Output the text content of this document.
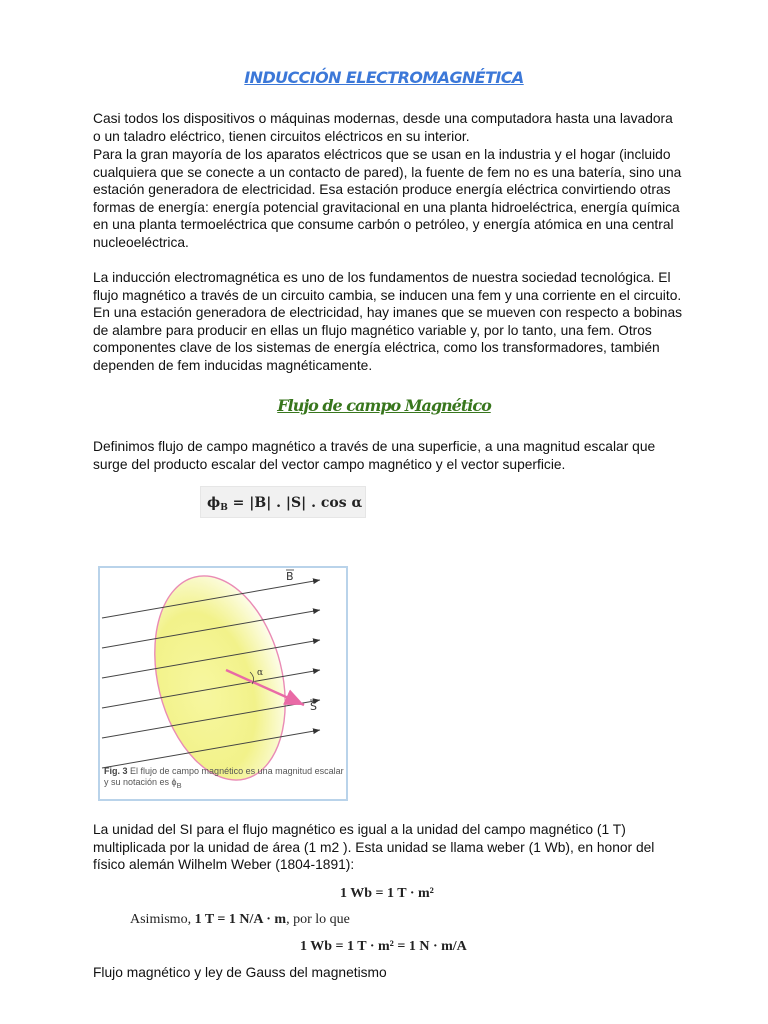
INDUCCIÓN ELECTROMAGNÉTICA

Casi todos los dispositivos o máquinas modernas, desde una computadora hasta una lavadora o un taladro eléctrico, tienen circuitos eléctricos en su interior.

Para la gran mayoría de los aparatos eléctricos que se usan en la industria y el hogar (incluido cualquiera que se conecte a un contacto de pared), la fuente de fem no es una batería, sino una estación generadora de electricidad. Esa estación produce energía eléctrica convirtiendo otras formas de energía: energía potencial gravitacional en una planta hidroeléctrica, energía química en una planta termoeléctrica que consume carbón o petróleo, y energía atómica en una central nucleoeléctrica.

La inducción electromagnética es uno de los fundamentos de nuestra sociedad tecnológica. El flujo magnético a través de un circuito cambia, se inducen una fem y una corriente en el circuito. En una estación generadora de electricidad, hay imanes que se mueven con respecto a bobinas de alambre para producir en ellas un flujo magnético variable y, por lo tanto, una fem. Otros componentes clave de los sistemas de energía eléctrica, como los transformadores, también dependen de fem inducidas magnéticamente.

Flujo de campo Magnético

Definimos flujo de campo magnético a través de una superficie, a una magnitud escalar que surge del producto escalar del vector campo magnético y el vector superficie.

$\phi_B = |B|$ . |S| . cos α
α
B
S
Fig. 3 El flujo de campo magnético es una magnitud escalar y su notación es $\phi_B$

La unidad del SI para el flujo magnético es igual a la unidad del campo magnético (1 T) multiplicada por la unidad de área (1 m2 ). Esta unidad se llama weber (1 Wb), en honor del físico alemán Wilhelm Weber (1804-1891):

1 Wb = 1 T · m²
Asimismo, 1 T = 1 N/A · m, por lo que
1 Wb = 1 T · m² = 1 N · m/A

Flujo magnético y ley de Gauss del magnetismo
